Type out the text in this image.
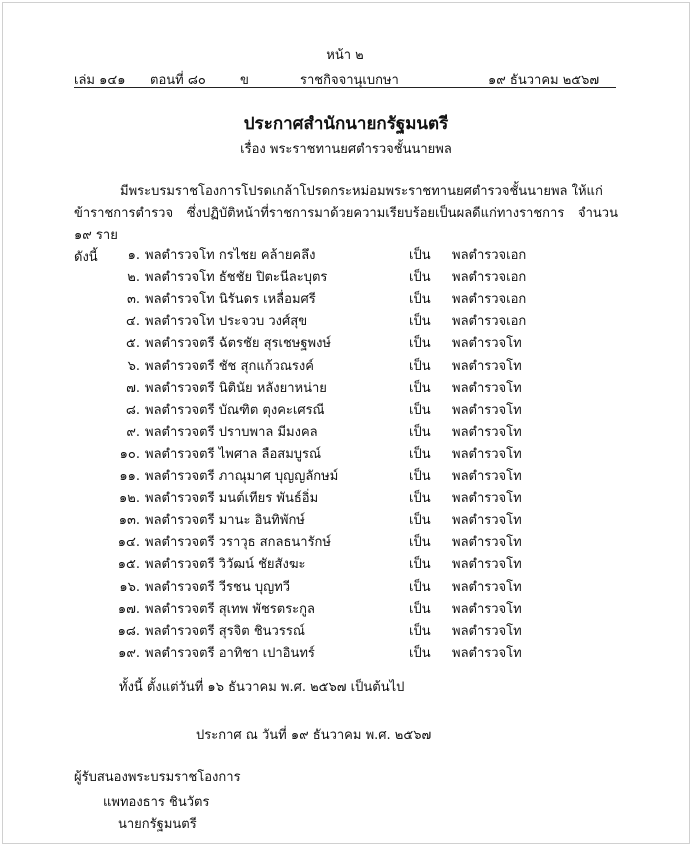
หน้า ๒
เล่ม ๑๔๑ ตอนที่ ๘๐	ข	ราชกิจจานุเบกษา	๑๙ ธันวาคม ๒๕๖๗
ประกาศสำนักนายกรัฐมนตรี
เรื่อง พระราชทานยศตำรวจชั้นนายพล
มีพระบรมราชโองการโปรดเกล้าโปรดกระหม่อมพระราชทานยศตำรวจชั้นนายพล ให้แก่
ข้าราชการตำรวจ ซึ่งปฏิบัติหน้าที่ราชการมาด้วยความเรียบร้อยเป็นผลดีแก่ทางราชการ จำนวน ๑๙ ราย
ดังนี้	๑. พลตำรวจโท กรไชย คล้ายคลึง	เป็น พลตำรวจเอก
๒. พลตำรวจโท ธัชชัย ปิตะนีละบุตร	เป็น พลตำรวจเอก
๓. พลตำรวจโท นิรันดร เหลื่อมศรี	เป็น พลตำรวจเอก
๔. พลตำรวจโท ประจวบ วงศ์สุข	เป็น พลตำรวจเอก
๕. พลตำรวจตรี ฉัตรชัย สุรเชษฐพงษ์	เป็น พลตำรวจโท
๖. พลตำรวจตรี ชัช สุกแก้วณรงค์	เป็น พลตำรวจโท
๗. พลตำรวจตรี นิตินัย หลังยาหน่าย	เป็น พลตำรวจโท
๘. พลตำรวจตรี บัณฑิต ตุงคะเศรณี	เป็น พลตำรวจโท
๙. พลตำรวจตรี ปราบพาล มีมงคล	เป็น พลตำรวจโท
๑๐. พลตำรวจตรี ไพศาล ลือสมบูรณ์	เป็น พลตำรวจโท
๑๑. พลตำรวจตรี ภาณุมาศ บุญญลักษม์	เป็น พลตำรวจโท
๑๒. พลตำรวจตรี มนต์เทียร พันธ์อิ่ม	เป็น พลตำรวจโท
๑๓. พลตำรวจตรี มานะ อินทิพักษ์	เป็น พลตำรวจโท
๑๔. พลตำรวจตรี วราวุธ สกลธนารักษ์	เป็น พลตำรวจโท
๑๕. พลตำรวจตรี วิวัฒน์ ชัยสังฆะ	เป็น พลตำรวจโท
๑๖. พลตำรวจตรี วีรชน บุญทวี	เป็น พลตำรวจโท
๑๗. พลตำรวจตรี สุเทพ พัชรตระกูล	เป็น พลตำรวจโท
๑๘. พลตำรวจตรี สุรจิต ชินวรรณ์	เป็น พลตำรวจโท
๑๙. พลตำรวจตรี อาทิชา เปาอินทร์	เป็น พลตำรวจโท
ทั้งนี้ ตั้งแต่วันที่ ๑๖ ธันวาคม พ.ศ. ๒๕๖๗ เป็นต้นไป
ประกาศ ณ วันที่ ๑๙ ธันวาคม พ.ศ. ๒๕๖๗
ผู้รับสนองพระบรมราชโองการ
แพทองธาร ชินวัตร
นายกรัฐมนตรี
